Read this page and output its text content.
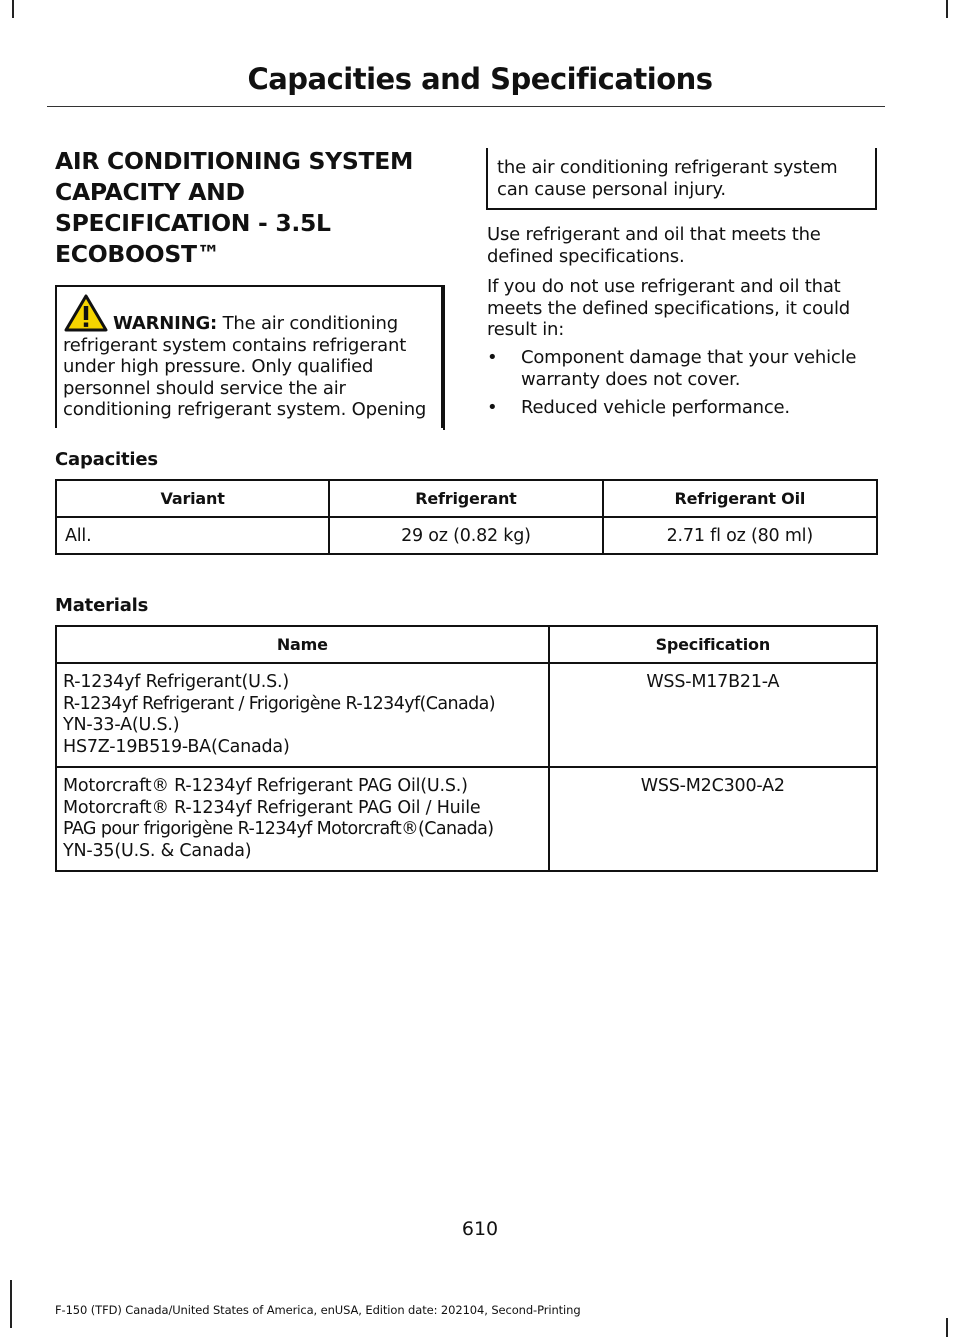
Capacities and Specifications
AIR CONDITIONING SYSTEM
CAPACITY AND
SPECIFICATION - 3.5L
ECOBOOST™
WARNING: The air conditioning refrigerant system contains refrigerant under high pressure. Only qualified personnel should service the air conditioning refrigerant system. Opening
the air conditioning refrigerant system can cause personal injury.
Use refrigerant and oil that meets the defined specifications.
If you do not use refrigerant and oil that meets the defined specifications, it could result in:
• Component damage that your vehicle warranty does not cover.
• Reduced vehicle performance.
Capacities
Variant	Refrigerant	Refrigerant Oil
All.	29 oz (0.82 kg)	2.71 fl oz (80 ml)
Materials
Name	Specification

R-1234yf Refrigerant(U.S.)
R-1234yf Refrigerant / Frigorigène R-1234yf(Canada)
YN-33-A(U.S.)
HS7Z-19B519-BA(Canada)	WSS-M17B21-A

Motorcraft® R-1234yf Refrigerant PAG Oil(U.S.)
Motorcraft® R-1234yf Refrigerant PAG Oil / Huile
PAG pour frigorigène R-1234yf Motorcraft®(Canada)
YN-35(U.S. & Canada)	WSS-M2C300-A2
610
F-150 (TFD) Canada/United States of America, enUSA, Edition date: 202104, Second-Printing
